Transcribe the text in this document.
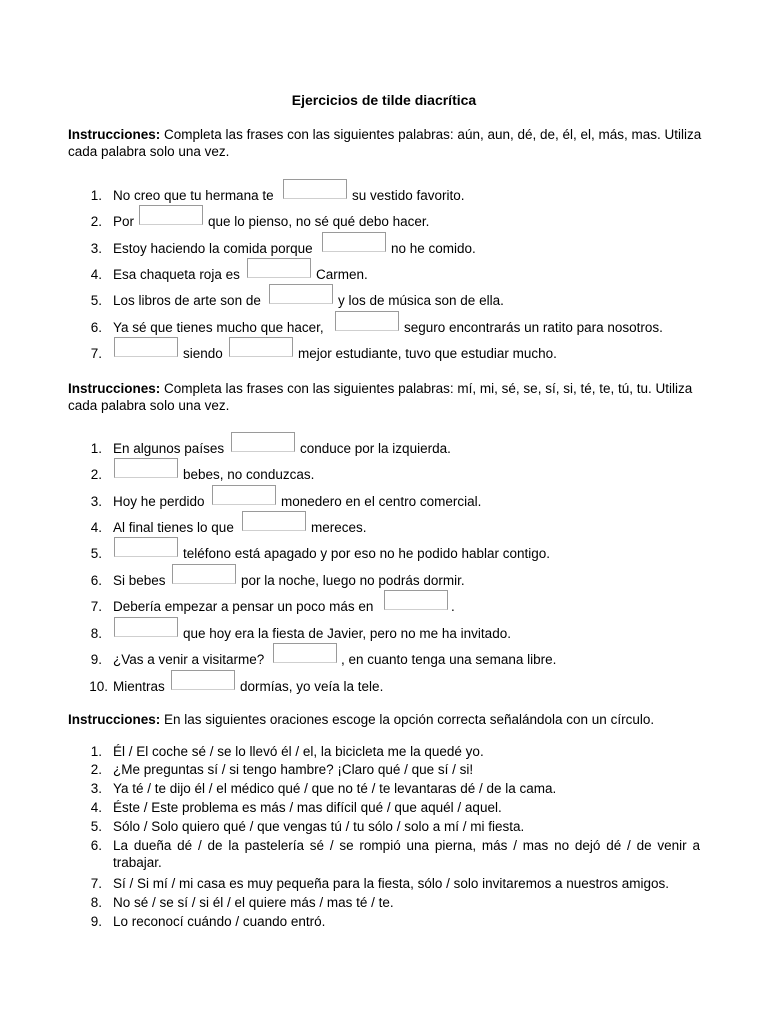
Ejercicios de tilde diacrítica
Instrucciones: Completa las frases con las siguientes palabras: aún, aun, dé, de, él, el, más, mas. Utiliza cada palabra solo una vez.
1. No creo que tu hermana te	su vestido favorito.
2. Por	que lo pienso, no sé qué debo hacer.
3. Estoy haciendo la comida porque	no he comido.
4. Esa chaqueta roja es	Carmen.
5. Los libros de arte son de	y los de música son de ella.
6. Ya sé que tienes mucho que hacer,	seguro encontrarás un ratito para nosotros.
7.	siendo	mejor estudiante, tuvo que estudiar mucho.
Instrucciones: Completa las frases con las siguientes palabras: mí, mi, sé, se, sí, si, té, te, tú, tu. Utiliza cada palabra solo una vez.
1. En algunos países	conduce por la izquierda.
2.	bebes, no conduzcas.
3. Hoy he perdido	monedero en el centro comercial.
4. Al final tienes lo que	mereces.
5.	teléfono está apagado y por eso no he podido hablar contigo.
6. Si bebes	por la noche, luego no podrás dormir.
7. Debería empezar a pensar un poco más en	.
8.	que hoy era la fiesta de Javier, pero no me ha invitado.
9. ¿Vas a venir a visitarme?	, en cuanto tenga una semana libre.
10. Mientras	dormías, yo veía la tele.
Instrucciones: En las siguientes oraciones escoge la opción correcta señalándola con un círculo.
1. Él / El coche sé / se lo llevó él / el, la bicicleta me la quedé yo.
2. ¿Me preguntas sí / si tengo hambre? ¡Claro qué / que sí / si!
3. Ya té / te dijo él / el médico qué / que no té / te levantaras dé / de la cama.
4. Éste / Este problema es más / mas difícil qué / que aquél / aquel.
5. Sólo / Solo quiero qué / que vengas tú / tu sólo / solo a mí / mi fiesta.
6. La dueña dé / de la pastelería sé / se rompió una pierna, más / mas no dejó dé / de venir a trabajar.
7. Sí / Si mí / mi casa es muy pequeña para la fiesta, sólo / solo invitaremos a nuestros amigos.
8. No sé / se sí / si él / el quiere más / mas té / te.
9. Lo reconocí cuándo / cuando entró.
